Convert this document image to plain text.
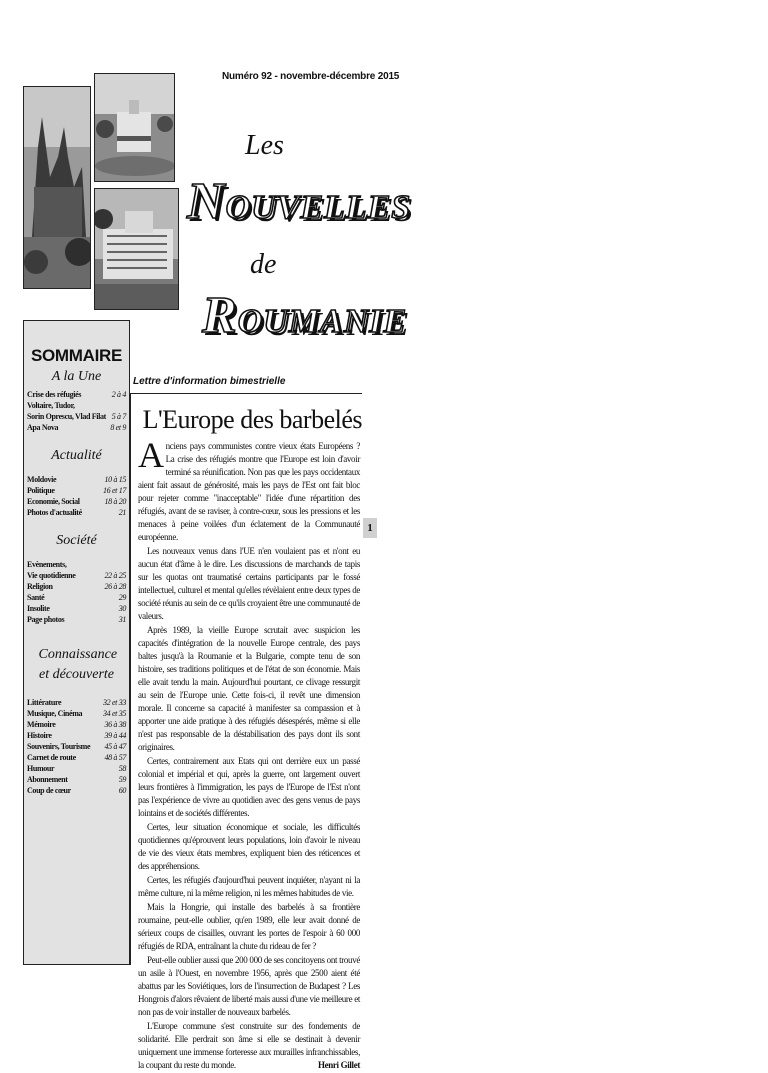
Numéro 92 - novembre-décembre 2015
Les
NOUVELLES
de
ROUMANIE
Lettre d'information bimestrielle
SOMMAIRE
A la Une
Crise des réfugiés	2 à 4
Voltaire, Tudor,
Sorin Oprescu, Vlad Filat 5 à 7
Apa Nova	8 et 9
Actualité
Moldovie	10 à 15
Politique	16 et 17
Economie, Social	18 à 20
Photos d'actualité	21
Société
Evènements,
Vie quotidienne	22 à 25
Religion	26 à 28
Santé	29
Insolite	30
Page photos	31
Connaissance et découverte
Littérature	32 et 33
Musique, Cinéma	34 et 35
Mémoire	36 à 38
Histoire	39 à 44
Souvenirs, Tourisme 45 à 47
Carnet de route	48 à 57
Humour	58
Abonnement	59
Coup de cœur	60
L'Europe des barbelés

Anciens pays communistes contre vieux états Européens ? La crise des réfugiés montre que l'Europe est loin d'avoir terminé sa réunification. Non pas que les pays occidentaux aient fait assaut de générosité, mais les pays de l'Est ont fait bloc pour rejeter comme "inacceptable" l'idée d'une répartition des réfugiés, avant de se raviser, à contre-cœur, sous les pressions et les menaces à peine voilées d'un éclatement de la Communauté européenne.

Les nouveaux venus dans l'UE n'en voulaient pas et n'ont eu aucun état d'âme à le dire. Les discussions de marchands de tapis sur les quotas ont traumatisé certains participants par le fossé intellectuel, culturel et mental qu'elles révèlaient entre deux types de société réunis au sein de ce qu'ils croyaient être une communauté de valeurs.

Après 1989, la vieille Europe scrutait avec suspicion les capacités d'intégration de la nouvelle Europe centrale, des pays baltes jusqu'à la Roumanie et la Bulgarie, compte tenu de son histoire, ses traditions politiques et de l'état de son économie. Mais elle avait tendu la main. Aujourd'hui pourtant, ce clivage ressurgit au sein de l'Europe unie. Cette fois-ci, il revêt une dimension morale. Il concerne sa capacité à manifester sa compassion et à apporter une aide pratique à des réfugiés désespérés, même si elle n'est pas responsable de la déstabilisation des pays dont ils sont originaires.

Certes, contrairement aux Etats qui ont derrière eux un passé colonial et impérial et qui, après la guerre, ont largement ouvert leurs frontières à l'immigration, les pays de l'Europe de l'Est n'ont pas l'expérience de vivre au quotidien avec des gens venus de pays lointains et de sociétés différentes.

Certes, leur situation économique et sociale, les difficultés quotidiennes qu'éprouvent leurs populations, loin d'avoir le niveau de vie des vieux états membres, expliquent bien des réticences et des appréhensions.

Certes, les réfugiés d'aujourd'hui peuvent inquiéter, n'ayant ni la même culture, ni la même religion, ni les mêmes habitudes de vie.

Mais la Hongrie, qui installe des barbelés à sa frontière roumaine, peut-elle oublier, qu'en 1989, elle leur avait donné de sérieux coups de cisailles, ouvrant les portes de l'espoir à 60 000 réfugiés de RDA, entraînant la chute du rideau de fer ?

Peut-elle oublier aussi que 200 000 de ses concitoyens ont trouvé un asile à l'Ouest, en novembre 1956, après que 2500 aient été abattus par les Soviétiques, lors de l'insurrection de Budapest ? Les Hongrois d'alors rêvaient de liberté mais aussi d'une vie meilleure et non pas de voir installer de nouveaux barbelés.

L'Europe commune s'est construite sur des fondements de solidarité. Elle perdrait son âme si elle se destinait à devenir uniquement une immense forteresse aux murailles infranchissables, la coupant du reste du monde.	Henri Gillet

1
